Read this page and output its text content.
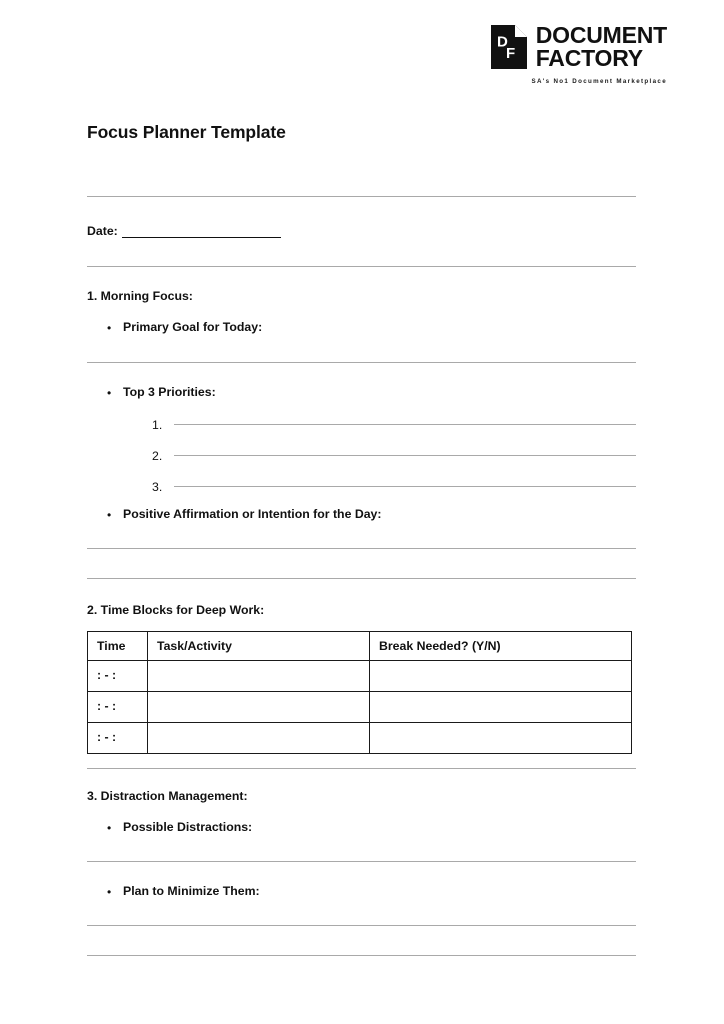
D
F
DOCUMENT
FACTORY
SA's No1 Document Marketplace
Focus Planner Template
Date:
1. Morning Focus:
• Primary Goal for Today:
• Top 3 Priorities:
1.
2.
3.
• Positive Affirmation or Intention for the Day:
2. Time Blocks for Deep Work:
Time	Task/Activity	Break Needed? (Y/N)
: - :		
: - :		
: - :		
3. Distraction Management:
• Possible Distractions:
• Plan to Minimize Them:
